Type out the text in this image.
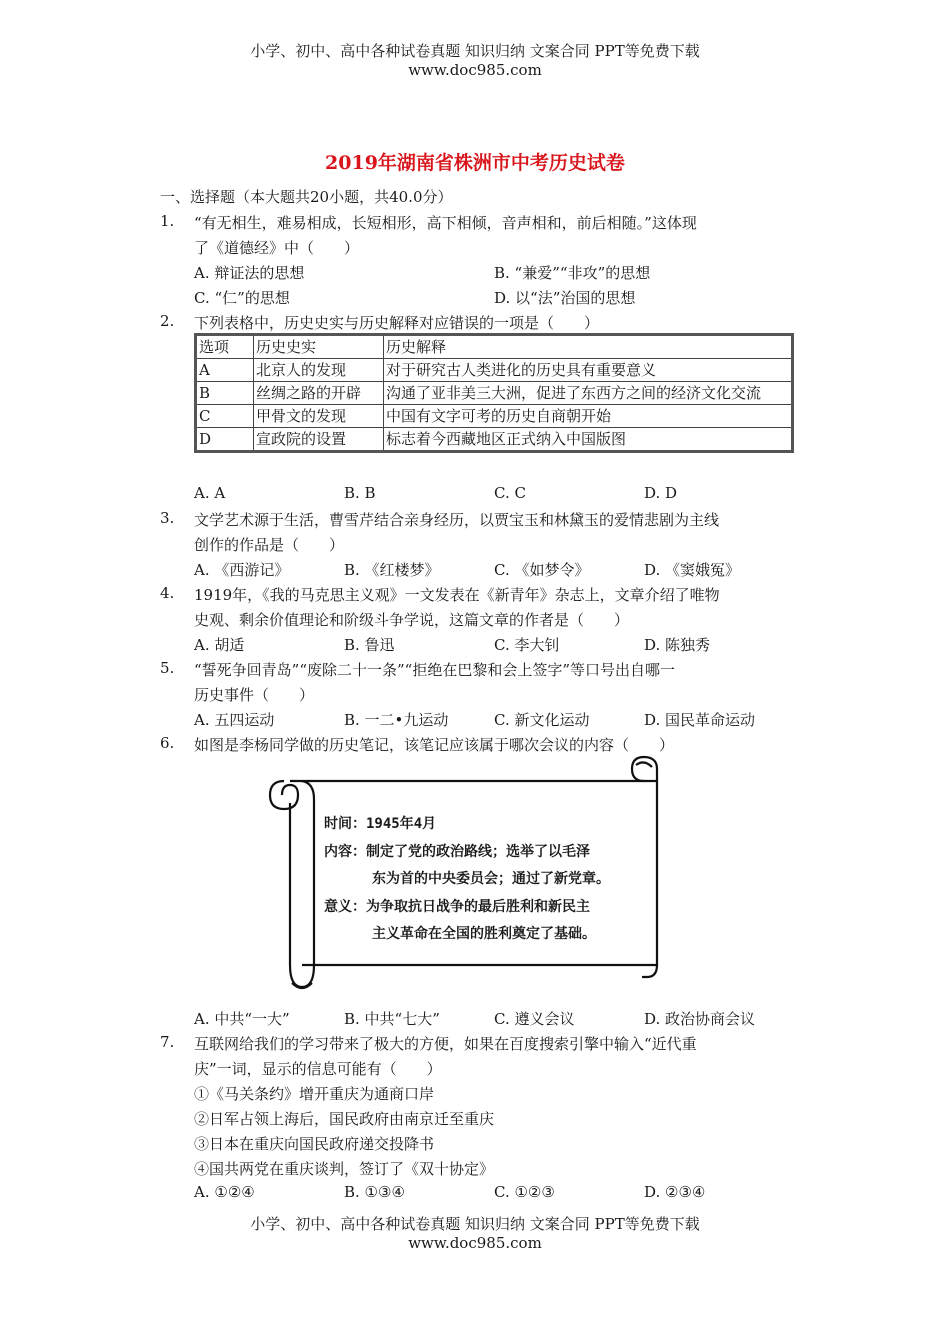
小学、初中、高中各种试卷真题 知识归纳 文案合同 PPT等免费下载
www.doc985.com
2019年湖南省株洲市中考历史试卷
一、选择题（本大题共20小题，共40.0分）
1. “有无相生，难易相成，长短相形，高下相倾，音声相和，前后相随。”这体现
了《道德经》中（　　）
A. 辩证法的思想	B. “兼爱”“非攻”的思想
C. “仁”的思想	D. 以“法”治国的思想
2. 下列表格中，历史史实与历史解释对应错误的一项是（　　）
选项	历史史实	历史解释
A	北京人的发现	对于研究古人类进化的历史具有重要意义
B	丝绸之路的开辟	沟通了亚非美三大洲，促进了东西方之间的经济文化交流
C	甲骨文的发现	中国有文字可考的历史自商朝开始
D	宣政院的设置	标志着今西藏地区正式纳入中国版图
A. A	B. B	C. C	D. D
3. 文学艺术源于生活，曹雪芹结合亲身经历，以贾宝玉和林黛玉的爱情悲剧为主线
创作的作品是（　　）
A. 《西游记》	B. 《红楼梦》	C. 《如梦令》	D. 《窦娥冤》
4. 1919年，《我的马克思主义观》一文发表在《新青年》杂志上，文章介绍了唯物
史观、剩余价值理论和阶级斗争学说，这篇文章的作者是（　　）
A. 胡适	B. 鲁迅	C. 李大钊	D. 陈独秀
5. “誓死争回青岛”“废除二十一条”“拒绝在巴黎和会上签字”等口号出自哪一
历史事件（　　）
A. 五四运动	B. 一二•九运动	C. 新文化运动	D. 国民革命运动
6. 如图是李杨同学做的历史笔记，该笔记应该属于哪次会议的内容（　　）
时间：1945年4月
内容：制定了党的政治路线；选举了以毛泽
东为首的中央委员会；通过了新党章。
意义：为争取抗日战争的最后胜利和新民主
主义革命在全国的胜利奠定了基础。
A. 中共“一大”	B. 中共“七大”	C. 遵义会议	D. 政治协商会议
7. 互联网给我们的学习带来了极大的方便，如果在百度搜索引擎中输入“近代重
庆”一词，显示的信息可能有（　　）
①《马关条约》增开重庆为通商口岸
②日军占领上海后，国民政府由南京迁至重庆
③日本在重庆向国民政府递交投降书
④国共两党在重庆谈判，签订了《双十协定》
A. ①②④	B. ①③④	C. ①②③	D. ②③④
小学、初中、高中各种试卷真题 知识归纳 文案合同 PPT等免费下载
www.doc985.com
